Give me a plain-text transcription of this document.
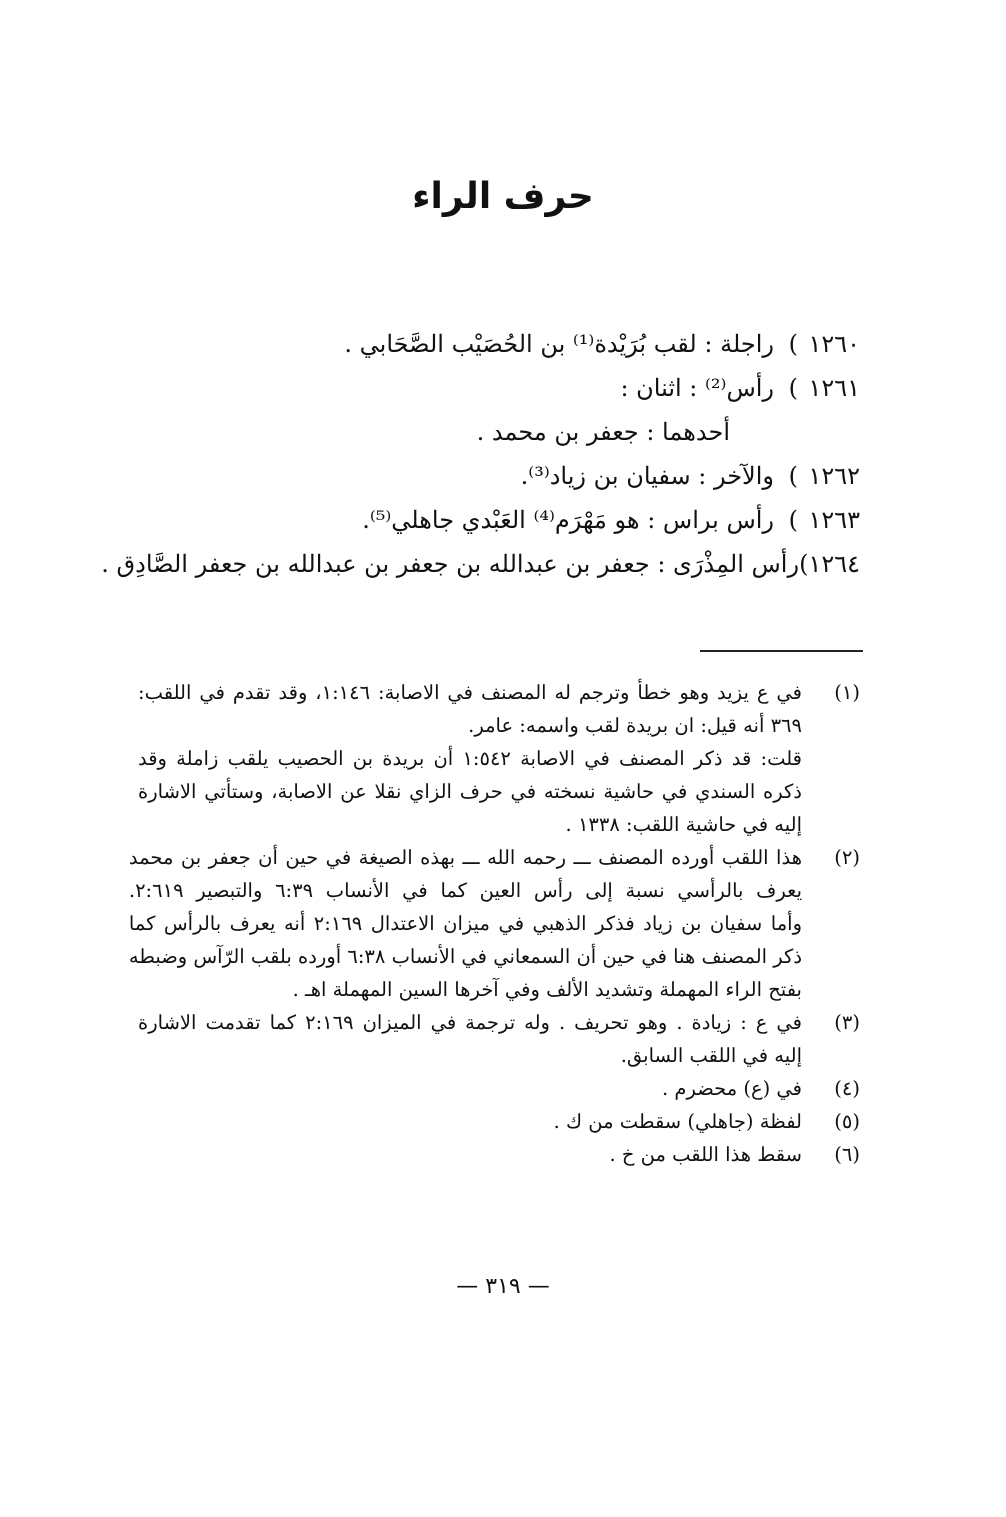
حرف الراء
١٢٦٠
)
راجلة : لقب بُرَيْدة⁽¹⁾ بن الحُصَيْب الصَّحَابي .
١٢٦١
)
رأس⁽²⁾ : اثنان :
أحدهما : جعفر بن محمد .
١٢٦٢
)
والآخر : سفيان بن زياد⁽³⁾.
١٢٦٣
)
رأس براس : هو مَهْرَم⁽⁴⁾ العَبْدي جاهلي⁽⁵⁾.
١٢٦٤
)
رأس المِذْرَى : جعفر بن عبدالله بن جعفر بن عبدالله بن جعفر الصَّادِق .
(١)

في ع يزيد وهو خطأ وترجم له المصنف في الاصابة: ١:١٤٦، وقد تقدم في اللقب:

٣٦٩ أنه قيل: ان بريدة لقب واسمه: عامر.

قلت: قد ذكر المصنف في الاصابة ١:٥٤٢ أن بريدة بن الحصيب يلقب زاملة وقد

ذكره السندي في حاشية نسخته في حرف الزاي نقلا عن الاصابة، وستأتي الاشارة

إليه في حاشية اللقب: ١٣٣٨ .

(٢)

هذا اللقب أورده المصنف ـــ رحمه الله ـــ بهذه الصيغة في حين أن جعفر بن محمد

يعرف بالرأسي نسبة إلى رأس العين كما في الأنساب ٦:٣٩ والتبصير ٢:٦١٩.

وأما سفيان بن زياد فذكر الذهبي في ميزان الاعتدال ٢:١٦٩ أنه يعرف بالرأس كما

ذكر المصنف هنا في حين أن السمعاني في الأنساب ٦:٣٨ أورده بلقب الرّآس وضبطه

بفتح الراء المهملة وتشديد الألف وفي آخرها السين المهملة اهـ .

(٣)

في ع : زيادة . وهو تحريف . وله ترجمة في الميزان ٢:١٦٩ كما تقدمت الاشارة

إليه في اللقب السابق.

(٤)

في (ع) محضرم .

(٥)

لفظة (جاهلي) سقطت من ك .

(٦)

سقط هذا اللقب من خ .

— ٣١٩ —
